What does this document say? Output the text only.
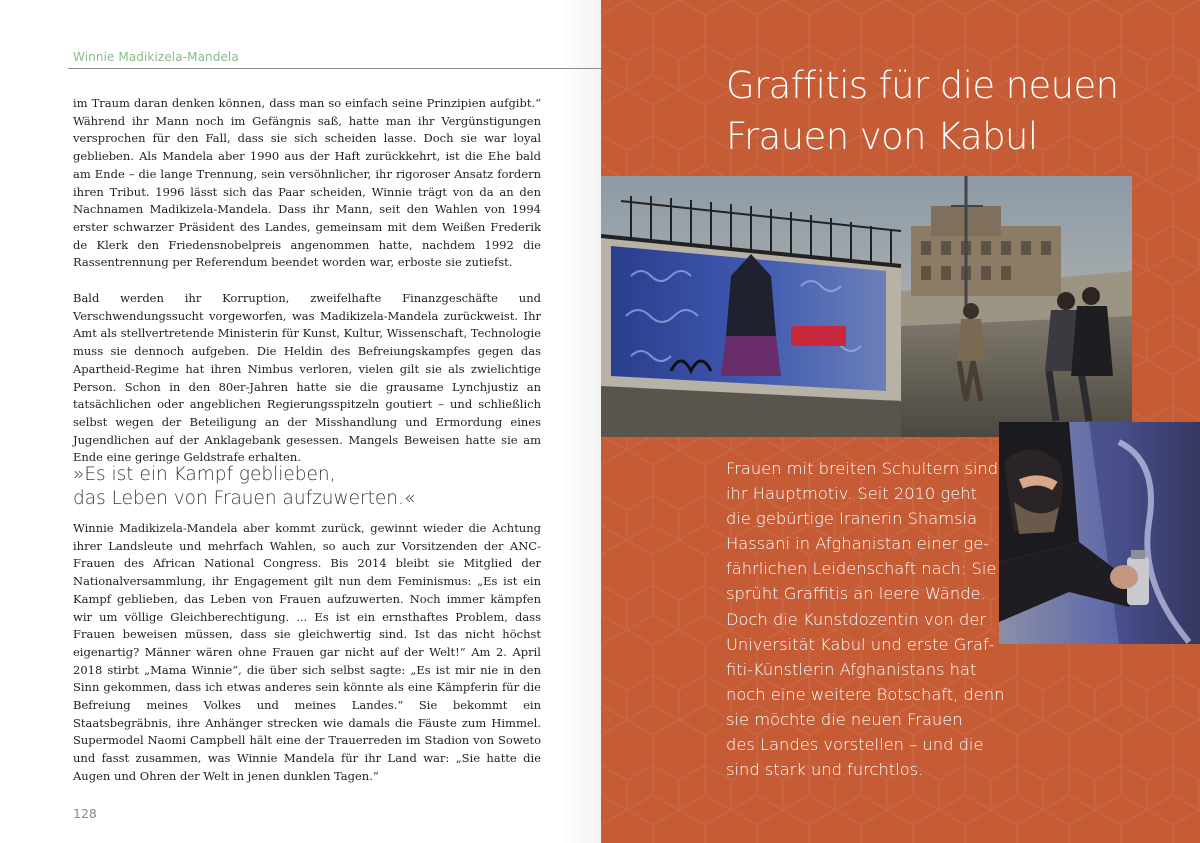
Winnie Madikizela-Mandela

im Traum daran denken können, dass man so einfach seine Prinzipien aufgibt.“ Während ihr Mann noch im Gefängnis saß, hatte man ihr Vergünstigungen versprochen für den Fall, dass sie sich scheiden lasse. Doch sie war loyal geblieben. Als Mandela aber 1990 aus der Haft zurückkehrt, ist die Ehe bald am Ende – die lange Trennung, sein versöhnlicher, ihr rigoroser Ansatz fordern ihren Tribut. 1996 lässt sich das Paar scheiden, Winnie trägt von da an den Nachnamen Madikizela-Mandela. Dass ihr Mann, seit den Wahlen von 1994 erster schwarzer Präsident des Landes, gemeinsam mit dem Weißen Frederik de Klerk den Friedensnobelpreis angenommen hatte, nachdem 1992 die Rassentrennung per Referendum beendet worden war, erboste sie zutiefst.

Bald werden ihr Korruption, zweifelhafte Finanzgeschäfte und Verschwendungssucht vorgeworfen, was Madikizela-Mandela zurückweist. Ihr Amt als stellvertretende Ministerin für Kunst, Kultur, Wissenschaft, Technologie muss sie dennoch aufgeben. Die Heldin des Befreiungskampfes gegen das Apartheid-Regime hat ihren Nimbus verloren, vielen gilt sie als zwielichtige Person. Schon in den 80er-Jahren hatte sie die grausame Lynchjustiz an tatsächlichen oder angeblichen Regierungsspitzeln goutiert – und schließlich selbst wegen der Beteiligung an der Misshandlung und Ermordung eines Jugendlichen auf der Anklagebank gesessen. Mangels Beweisen hatte sie am Ende eine geringe Geldstrafe erhalten.

»Es ist ein Kampf geblieben,
das Leben von Frauen aufzuwerten.«

Winnie Madikizela-Mandela aber kommt zurück, gewinnt wieder die Achtung ihrer Landsleute und mehrfach Wahlen, so auch zur Vorsitzenden der ANC-Frauen des African National Congress. Bis 2014 bleibt sie Mitglied der Nationalversammlung, ihr Engagement gilt nun dem Feminismus: „Es ist ein Kampf geblieben, das Leben von Frauen aufzuwerten. Noch immer kämpfen wir um völlige Gleichberechtigung. ... Es ist ein ernsthaftes Problem, dass Frauen beweisen müssen, dass sie gleichwertig sind. Ist das nicht höchst eigenartig? Männer wären ohne Frauen gar nicht auf der Welt!“ Am 2. April 2018 stirbt „Mama Winnie“, die über sich selbst sagte: „Es ist mir nie in den Sinn gekommen, dass ich etwas anderes sein könnte als eine Kämpferin für die Befreiung meines Volkes und meines Landes.“ Sie bekommt ein Staatsbegräbnis, ihre Anhänger strecken wie damals die Fäuste zum Himmel. Supermodel Naomi Campbell hält eine der Trauerreden im Stadion von Soweto und fasst zusammen, was Winnie Mandela für ihr Land war: „Sie hatte die Augen und Ohren der Welt in jenen dunklen Tagen.“

128
Graffitis für die neuen
Frauen von Kabul
Frauen mit breiten Schultern sind
ihr Hauptmotiv. Seit 2010 geht
die gebürtige Iranerin Shamsia
Hassani in Afghanistan einer ge-
fährlichen Leidenschaft nach: Sie
sprüht Graffitis an leere Wände.
Doch die Kunstdozentin von der
Universität Kabul und erste Graf-
fiti-Künstlerin Afghanistans hat
noch eine weitere Botschaft, denn
sie möchte die neuen Frauen
des Landes vorstellen – und die
sind stark und furchtlos.
